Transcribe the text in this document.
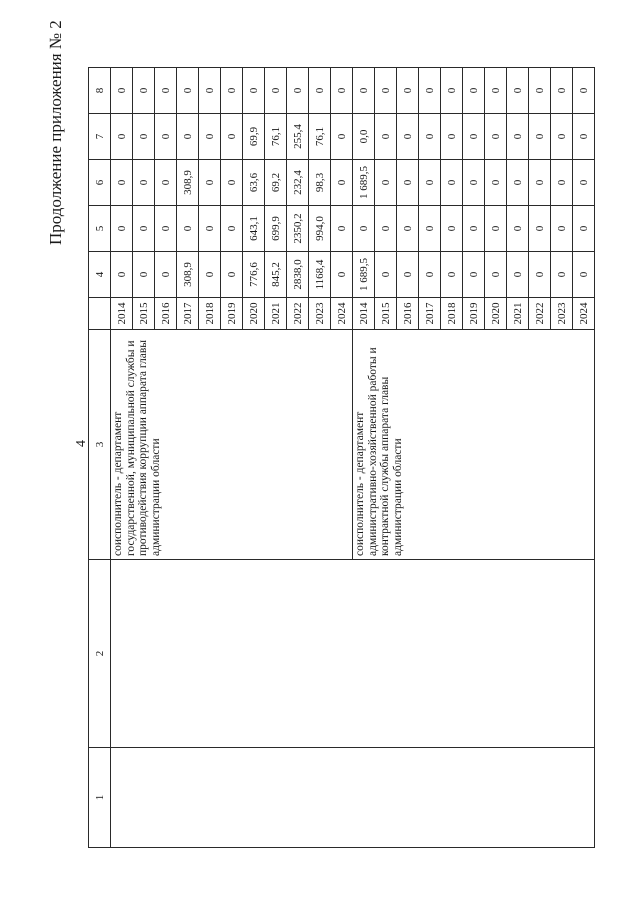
Продолжение приложения № 2
4
1	2	3		4	5	6	7	8
		соисполнитель - департамент государственной, муниципальной службы и противодействия коррупции аппарата главы администрации области	2014	0	0	0	0	0
			2015	0	0	0	0	0
			2016	0	0	0	0	0
			2017	308,9	0	308,9	0	0
			2018	0	0	0	0	0
			2019	0	0	0	0	0
			2020	776,6	643,1	63,6	69,9	0
			2021	845,2	699,9	69,2	76,1	0
			2022	2838,0	2350,2	232,4	255,4	0
			2023	1168,4	994,0	98,3	76,1	0
			2024	0	0	0	0	0
		соисполнитель - департамент административно-хозяйственной работы и контрактной службы аппарата главы администрации области	2014	1 689,5	0	1 689,5	0,0	0
			2015	0	0	0	0	0
			2016	0	0	0	0	0
			2017	0	0	0	0	0
			2018	0	0	0	0	0
			2019	0	0	0	0	0
			2020	0	0	0	0	0
			2021	0	0	0	0	0
			2022	0	0	0	0	0
			2023	0	0	0	0	0
			2024	0	0	0	0	0
